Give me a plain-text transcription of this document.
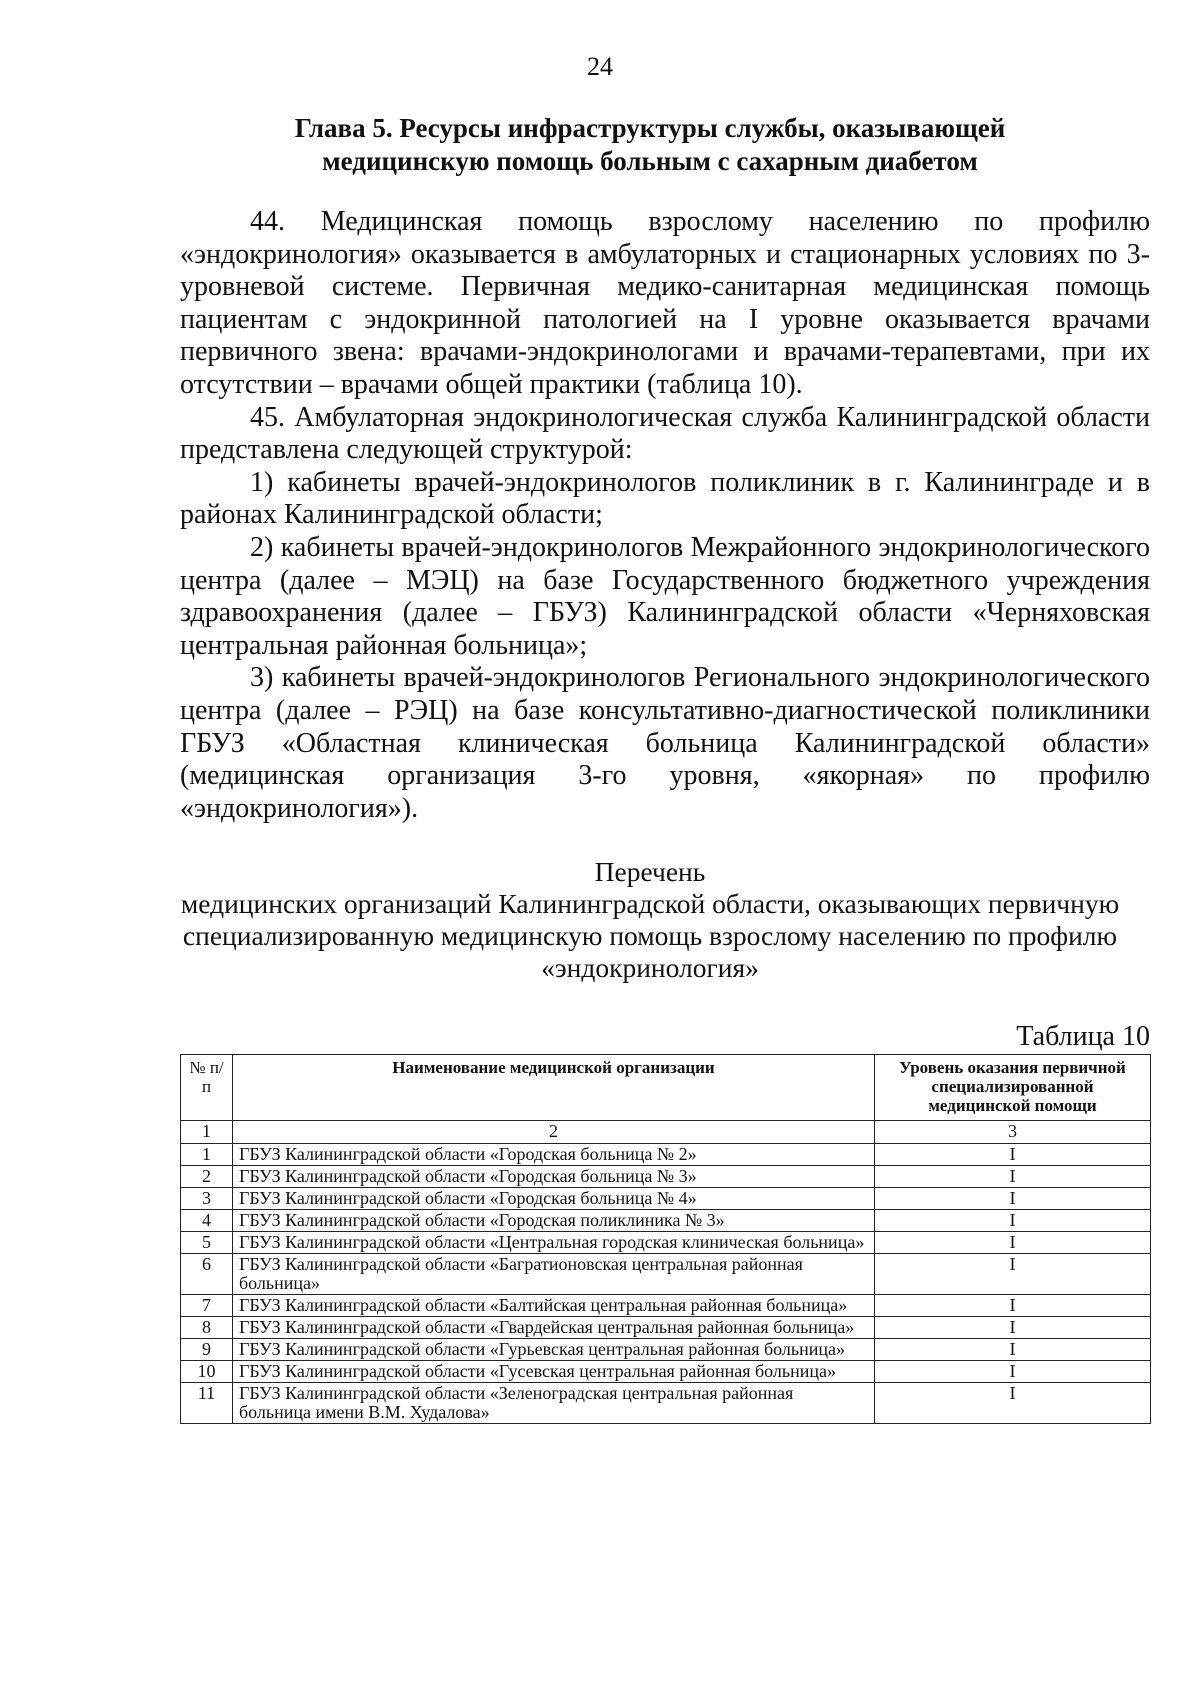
24
Глава 5. Ресурсы инфраструктуры службы, оказывающей
медицинскую помощь больным с сахарным диабетом

44. Медицинская помощь взрослому населению по профилю «эндокринология» оказывается в амбулаторных и стационарных условиях по 3-уровневой системе. Первичная медико-санитарная медицинская помощь пациентам с эндокринной патологией на I уровне оказывается врачами первичного звена: врачами-эндокринологами и врачами-терапевтами, при их отсутствии – врачами общей практики (таблица 10).

45. Амбулаторная эндокринологическая служба Калининградской области представлена следующей структурой:

1) кабинеты врачей-эндокринологов поликлиник в г. Калининграде и в районах Калининградской области;

2) кабинеты врачей-эндокринологов Межрайонного эндокринологического центра (далее – МЭЦ) на базе Государственного бюджетного учреждения здравоохранения (далее – ГБУЗ) Калининградской области «Черняховская центральная районная больница»;

3) кабинеты врачей-эндокринологов Регионального эндокринологического центра (далее – РЭЦ) на базе консультативно-диагностической поликлиники ГБУЗ «Областная клиническая больница Калининградской области» (медицинская организация 3-го уровня, «якорная» по профилю «эндокринология»).

Перечень
медицинских организаций Калининградской области, оказывающих первичную
специализированную медицинскую помощь взрослому населению по профилю
«эндокринология»
Таблица 10
№ п/п	Наименование медицинской организации	Уровень оказания первичной специализированной медицинской помощи
1	2	3
1	ГБУЗ Калининградской области «Городская больница № 2»	I
2	ГБУЗ Калининградской области «Городская больница № 3»	I
3	ГБУЗ Калининградской области «Городская больница № 4»	I
4	ГБУЗ Калининградской области «Городская поликлиника № 3»	I
5	ГБУЗ Калининградской области «Центральная городская клиническая больница»	I
6	ГБУЗ Калининградской области «Багратионовская центральная районная больница»	I
7	ГБУЗ Калининградской области «Балтийская центральная районная больница»	I
8	ГБУЗ Калининградской области «Гвардейская центральная районная больница»	I
9	ГБУЗ Калининградской области «Гурьевская центральная районная больница»	I
10	ГБУЗ Калининградской области «Гусевская центральная районная больница»	I
11	ГБУЗ Калининградской области «Зеленоградская центральная районная больница имени В.М. Худалова»	I
